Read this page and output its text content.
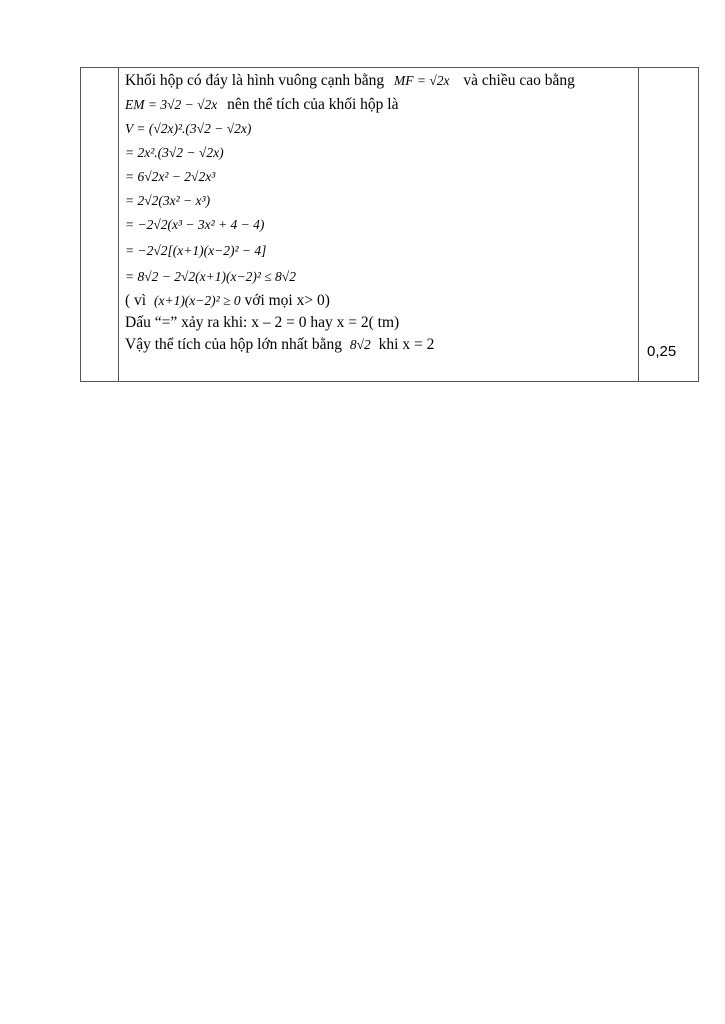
Khối hộp có đáy là hình vuông cạnh bằng MF = √2x và chiều cao bằng
EM = 3√2 − √2x nên thể tích của khối hộp là
V = (√2x)².(3√2 − √2x)
= 2x².(3√2 − √2x)
= 6√2x² − 2√2x³
= 2√2(3x² − x³)
= −2√2(x³ − 3x² + 4 − 4)
= −2√2[(x+1)(x−2)² − 4]
= 8√2 − 2√2(x+1)(x−2)² ≤ 8√2
( vì (x+1)(x−2)² ≥ 0 với mọi x> 0)
Dấu “=” xảy ra khi: x – 2 = 0 hay x = 2( tm)
Vậy thể tích của hộp lớn nhất bằng 8√2 khi x = 2	0,25
